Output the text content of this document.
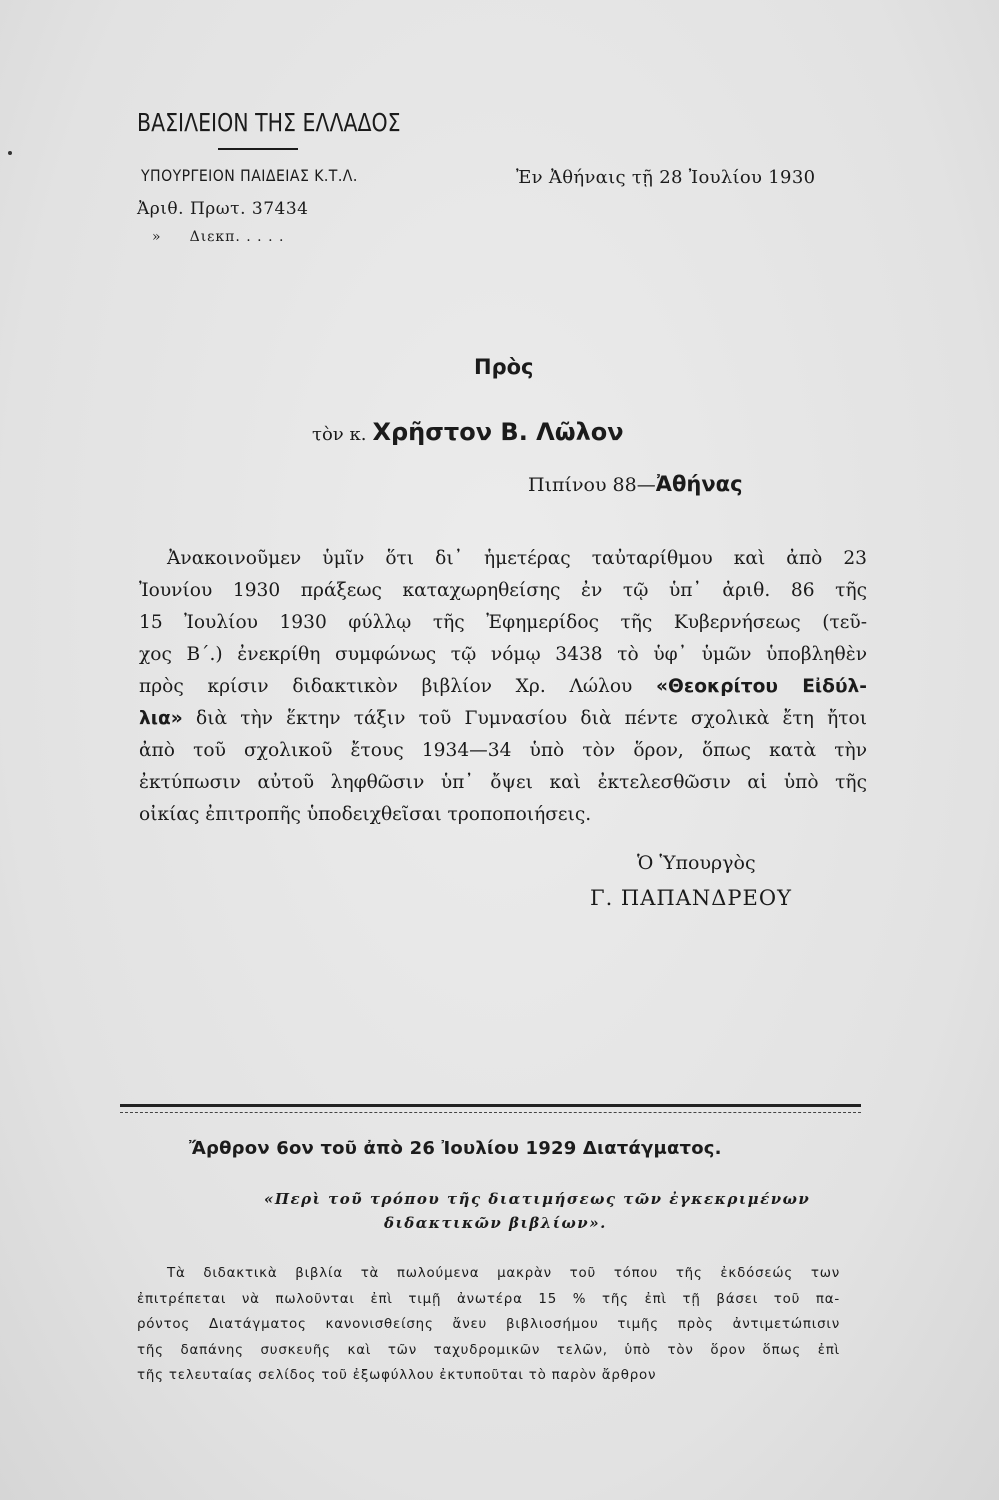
ΒΑΣΙΛΕΙΟΝ ΤΗΣ ΕΛΛΑΔΟΣ
ΥΠΟΥΡΓΕΙΟΝ ΠΑΙΔΕΙΑΣ Κ.Τ.Λ.	Ἐν Ἀθήναις τῇ 28 Ἰουλίου 1930
Ἀριθ. Πρωτ. 37434
» Διεκπ. . . . .
Πρὸς
τὸν κ. Χρῆστον Β. Λῶλον
Πιπίνου 88—Ἀθήνας
Ἀνακοινοῦμεν ὑμῖν ὅτι δι᾽ ἡμετέρας ταὐταρίθμου καὶ ἀπὸ 23
Ἰουνίου 1930 πράξεως καταχωρηθείσης ἐν τῷ ὑπ᾽ ἀριθ. 86 τῆς
15 Ἰουλίου 1930 φύλλῳ τῆς Ἐφημερίδος τῆς Κυβερνήσεως (τεῦ-
χος Β΄.) ἐνεκρίθη συμφώνως τῷ νόμῳ 3438 τὸ ὑφ᾽ ὑμῶν ὑποβληθὲν
πρὸς κρίσιν διδακτικὸν βιβλίον Χρ. Λώλου «Θεοκρίτου Εἰδύλ-
λια» διὰ τὴν ἕκτην τάξιν τοῦ Γυμνασίου διὰ πέντε σχολικὰ ἔτη ἤτοι
ἀπὸ τοῦ σχολικοῦ ἔτους 1934—34 ὑπὸ τὸν ὅρον, ὅπως κατὰ τὴν
ἐκτύπωσιν αὐτοῦ ληφθῶσιν ὑπ᾽ ὄψει καὶ ἐκτελεσθῶσιν αἱ ὑπὸ τῆς
οἰκίας ἐπιτροπῆς ὑποδειχθεῖσαι τροποποιήσεις.
Ὁ Ὑπουργὸς
Γ. ΠΑΠΑΝΔΡΕΟΥ
Ἄρθρον 6ον τοῦ ἀπὸ 26 Ἰουλίου 1929 Διατάγματος.
«Περὶ τοῦ τρόπου τῆς διατιμήσεως τῶν ἐγκεκριμένων
διδακτικῶν βιβλίων».
Τὰ διδακτικὰ βιβλία τὰ πωλούμενα μακρὰν τοῦ τόπου τῆς ἐκδόσεώς των
ἐπιτρέπεται νὰ πωλοῦνται ἐπὶ τιμῇ ἀνωτέρα 15 % τῆς ἐπὶ τῇ βάσει τοῦ πα-
ρόντος Διατάγματος κανονισθείσης ἄνευ βιβλιοσήμου τιμῆς πρὸς ἀντιμετώπισιν
τῆς δαπάνης συσκευῆς καὶ τῶν ταχυδρομικῶν τελῶν, ὑπὸ τὸν ὅρον ὅπως ἐπὶ
τῆς τελευταίας σελίδος τοῦ ἐξωφύλλου ἐκτυποῦται τὸ παρὸν ἄρθρον
